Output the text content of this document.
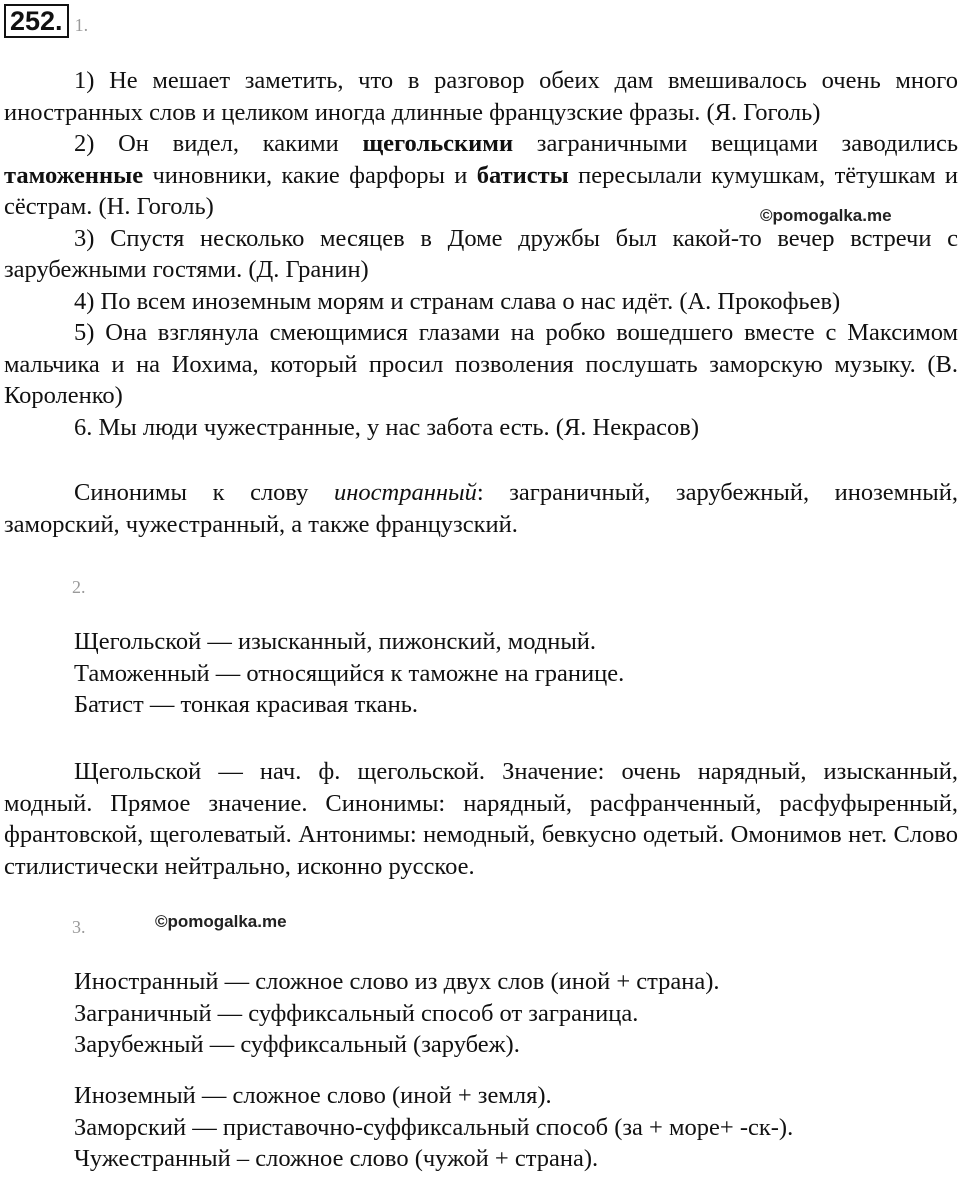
252. 1.

1) Не мешает заметить, что в разговор обеих дам вмешивалось очень много иностранных слов и целиком иногда длинные французские фразы. (Я. Гоголь)

2) Он видел, какими щегольскими заграничными вещицами заводились таможенные чиновники, какие фарфоры и батисты пересылали кумушкам, тётушкам и сёстрам. (Н. Гоголь)

3) Спустя несколько месяцев в Доме дружбы был какой-то вечер встречи с зарубежными гостями. (Д. Гранин)

4) По всем иноземным морям и странам слава о нас идёт. (А. Прокофьев)

5) Она взглянула смеющимися глазами на робко вошедшего вместе с Максимом мальчика и на Иохима, который просил позволения послушать заморскую музыку. (В. Короленко)

6. Мы люди чужестранные, у нас забота есть. (Я. Некрасов)

©pomogalka.me

Синонимы к слову иностранный: заграничный, зарубежный, иноземный, заморский, чужестранный, а также французский.

2.

Щегольской — изысканный, пижонский, модный.

Таможенный — относящийся к таможне на границе.

Батист — тонкая красивая ткань.

Щегольской — нач. ф. щегольской. Значение: очень нарядный, изысканный, модный. Прямое значение. Синонимы: нарядный, расфранченный, расфуфыренный, франтовской, щеголеватый. Антонимы: немодный, бевкусно одетый. Омонимов нет. Слово стилистически нейтрально, исконно русское.

3.	©pomogalka.me

Иностранный — сложное слово из двух слов (иной + страна).

Заграничный — суффиксальный способ от заграница.

Зарубежный — суффиксальный (зарубеж).

Иноземный — сложное слово (иной + земля).

Заморский — приставочно-суффиксальный способ (за + море+ -ск-).

Чужестранный – сложное слово (чужой + страна).
